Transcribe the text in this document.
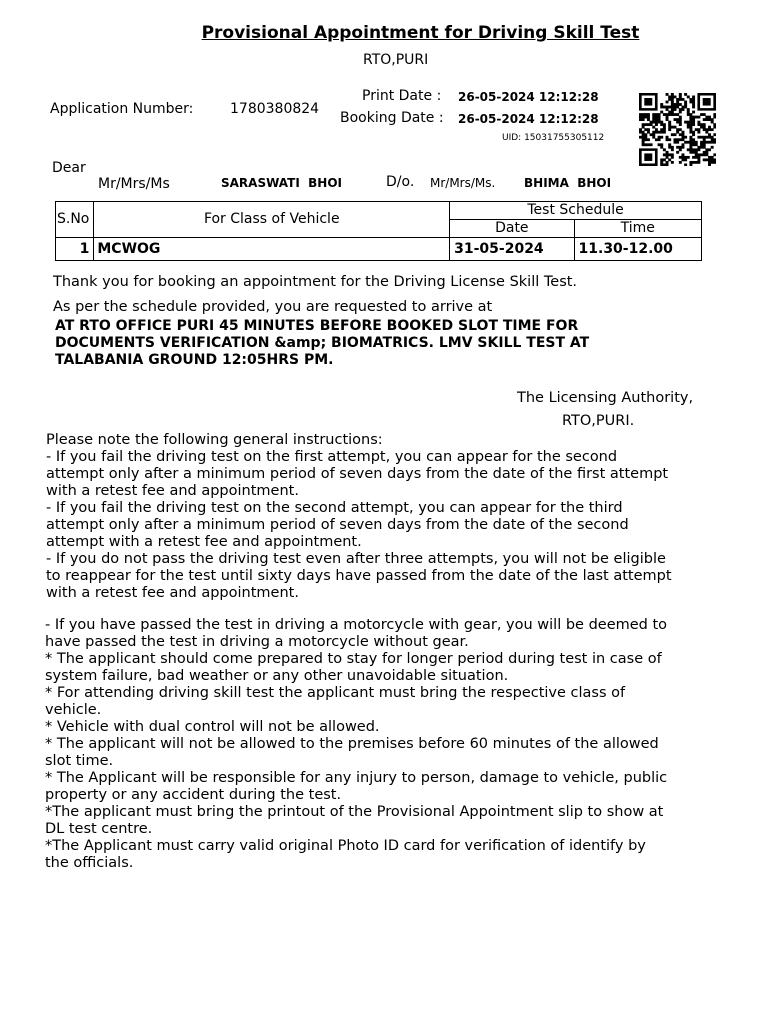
Provisional Appointment for Driving Skill Test
RTO,PURI
Application Number:	1780380824
Print Date : 26-05-2024 12:12:28
Booking Date : 26-05-2024 12:12:28
UID: 15031755305112
Dear
Mr/Mrs/Ms	SARASWATI  BHOI	D/o. Mr/Mrs/Ms. BHIMA  BHOI
S.No	For Class of Vehicle	Test Schedule	
		Date	Time
1	MCWOG	31-05-2024	11.30-12.00
Thank you for booking an appointment for the Driving License Skill Test.
As per the schedule provided, you are requested to arrive at
AT RTO OFFICE PURI 45 MINUTES BEFORE BOOKED SLOT TIME FOR
DOCUMENTS VERIFICATION &amp; BIOMATRICS. LMV SKILL TEST AT
TALABANIA GROUND 12:05HRS PM.
The Licensing Authority,
RTO,PURI.
Please note the following general instructions:
- If you fail the driving test on the first attempt, you can appear for the second
attempt only after a minimum period of seven days from the date of the first attempt
with a retest fee and appointment.
- If you fail the driving test on the second attempt, you can appear for the third
attempt only after a minimum period of seven days from the date of the second
attempt with a retest fee and appointment.
- If you do not pass the driving test even after three attempts, you will not be eligible
to reappear for the test until sixty days have passed from the date of the last attempt
with a retest fee and appointment.
- If you have passed the test in driving a motorcycle with gear, you will be deemed to
have passed the test in driving a motorcycle without gear.
* The applicant should come prepared to stay for longer period during test in case of
system failure, bad weather or any other unavoidable situation.
* For attending driving skill test the applicant must bring the respective class of
vehicle.
* Vehicle with dual control will not be allowed.
* The applicant will not be allowed to the premises before 60 minutes of the allowed
slot time.
* The Applicant will be responsible for any injury to person, damage to vehicle, public
property or any accident during the test.
*The applicant must bring the printout of the Provisional Appointment slip to show at
DL test centre.
*The Applicant must carry valid original Photo ID card for verification of identify by
the officials.
